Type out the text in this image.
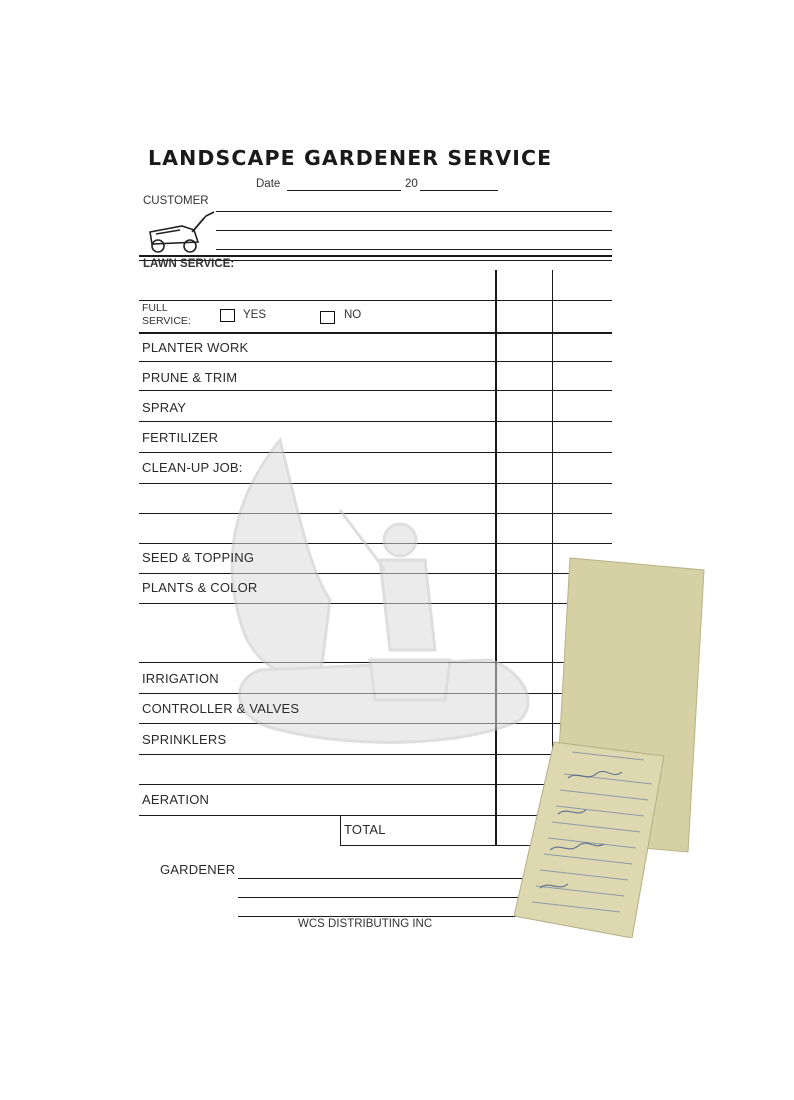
LANDSCAPE GARDENER SERVICE
Date	20
CUSTOMER
LAWN SERVICE:
FULL
SERVICE:	YES	NO
PLANTER WORK
PRUNE & TRIM
SPRAY
FERTILIZER
CLEAN-UP JOB:
SEED & TOPPING
PLANTS & COLOR
IRRIGATION
CONTROLLER & VALVES
SPRINKLERS
AERATION
TOTAL
GARDENER
WCS DISTRIBUTING INC
